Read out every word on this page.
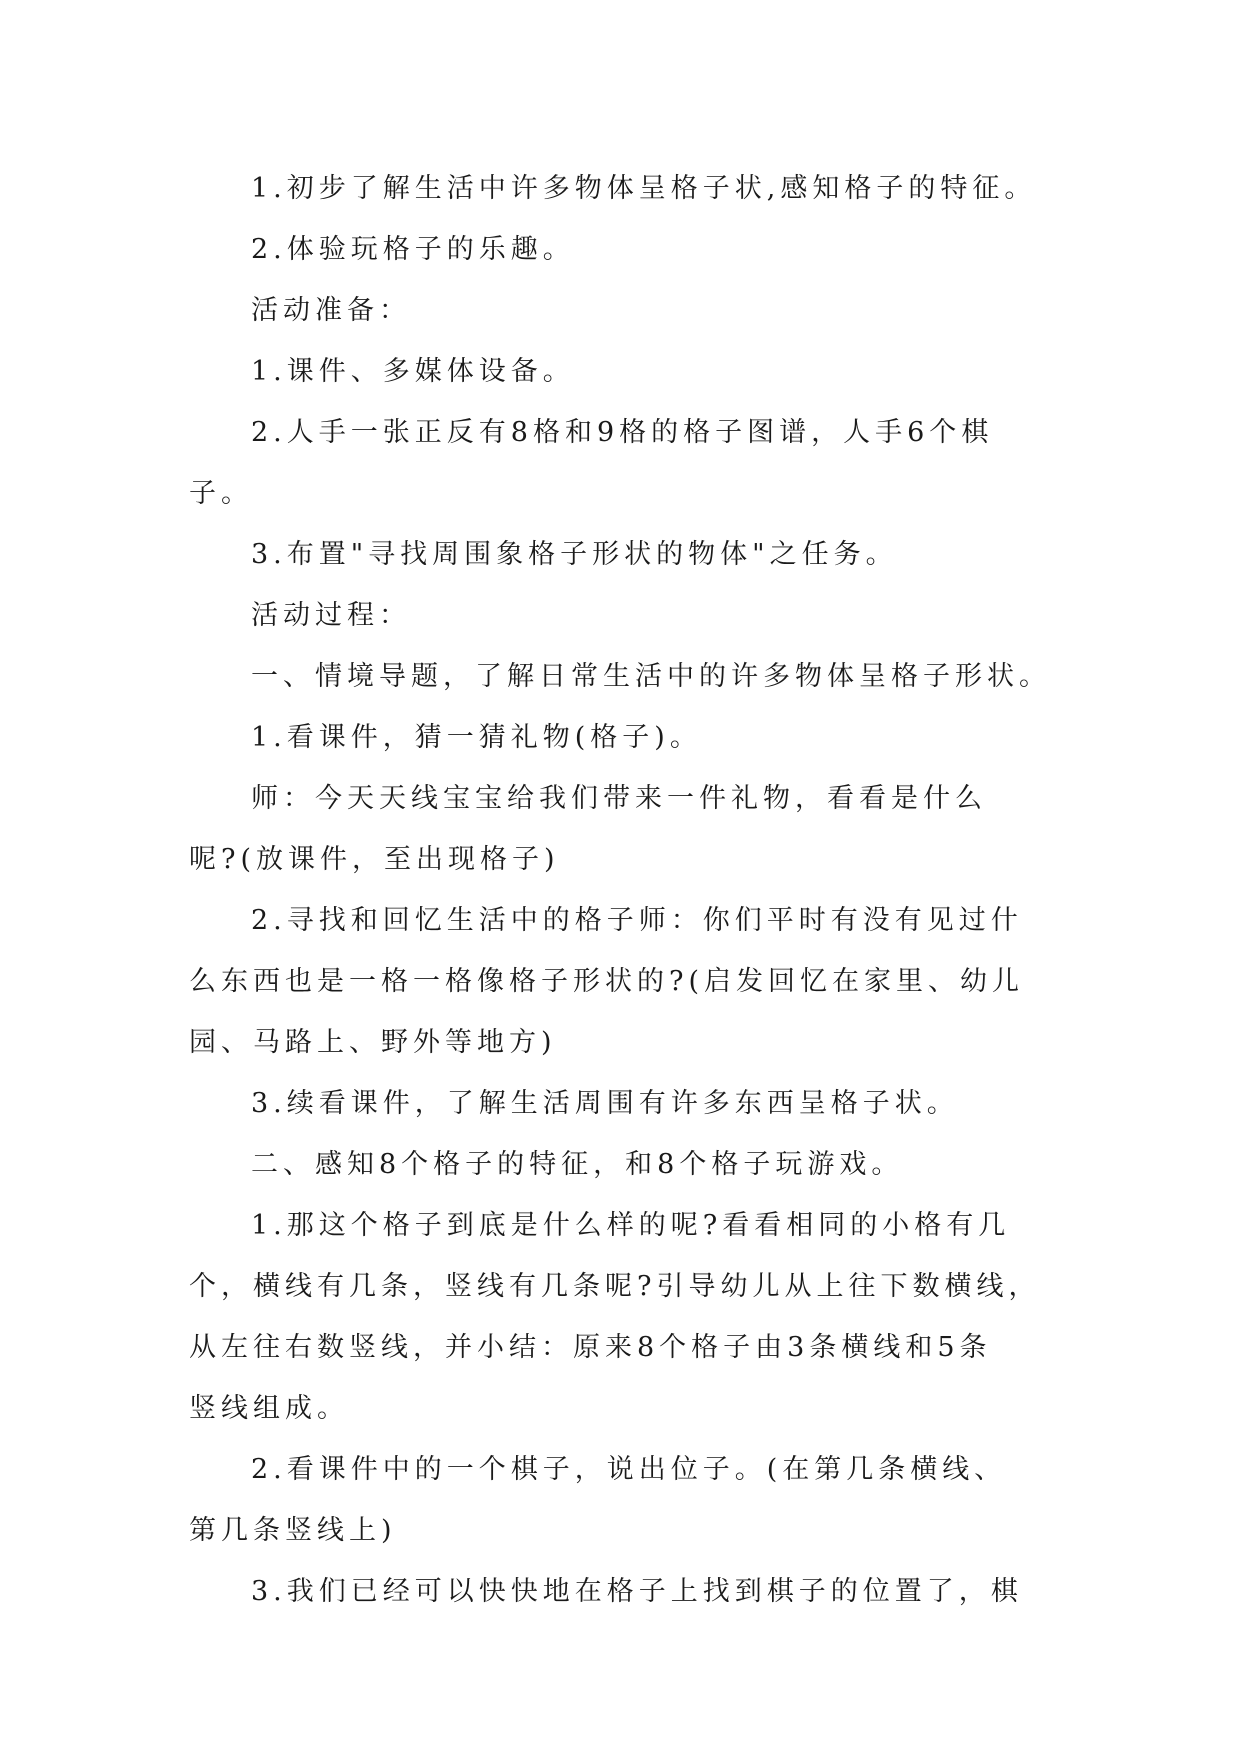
1.初步了解生活中许多物体呈格子状,感知格子的特征。

2.体验玩格子的乐趣。

活动准备：

1.课件、多媒体设备。

2.人手一张正反有8格和9格的格子图谱，人手6个棋

子。

3.布置"寻找周围象格子形状的物体"之任务。

活动过程：

一、情境导题，了解日常生活中的许多物体呈格子形状。

1.看课件，猜一猜礼物(格子)。

师：今天天线宝宝给我们带来一件礼物，看看是什么

呢?(放课件，至出现格子)

2.寻找和回忆生活中的格子师：你们平时有没有见过什

么东西也是一格一格像格子形状的?(启发回忆在家里、幼儿

园、马路上、野外等地方)

3.续看课件，了解生活周围有许多东西呈格子状。

二、感知8个格子的特征，和8个格子玩游戏。

1.那这个格子到底是什么样的呢?看看相同的小格有几

个，横线有几条，竖线有几条呢?引导幼儿从上往下数横线，

从左往右数竖线，并小结：原来8个格子由3条横线和5条

竖线组成。

2.看课件中的一个棋子，说出位子。(在第几条横线、

第几条竖线上)

3.我们已经可以快快地在格子上找到棋子的位置了，棋
